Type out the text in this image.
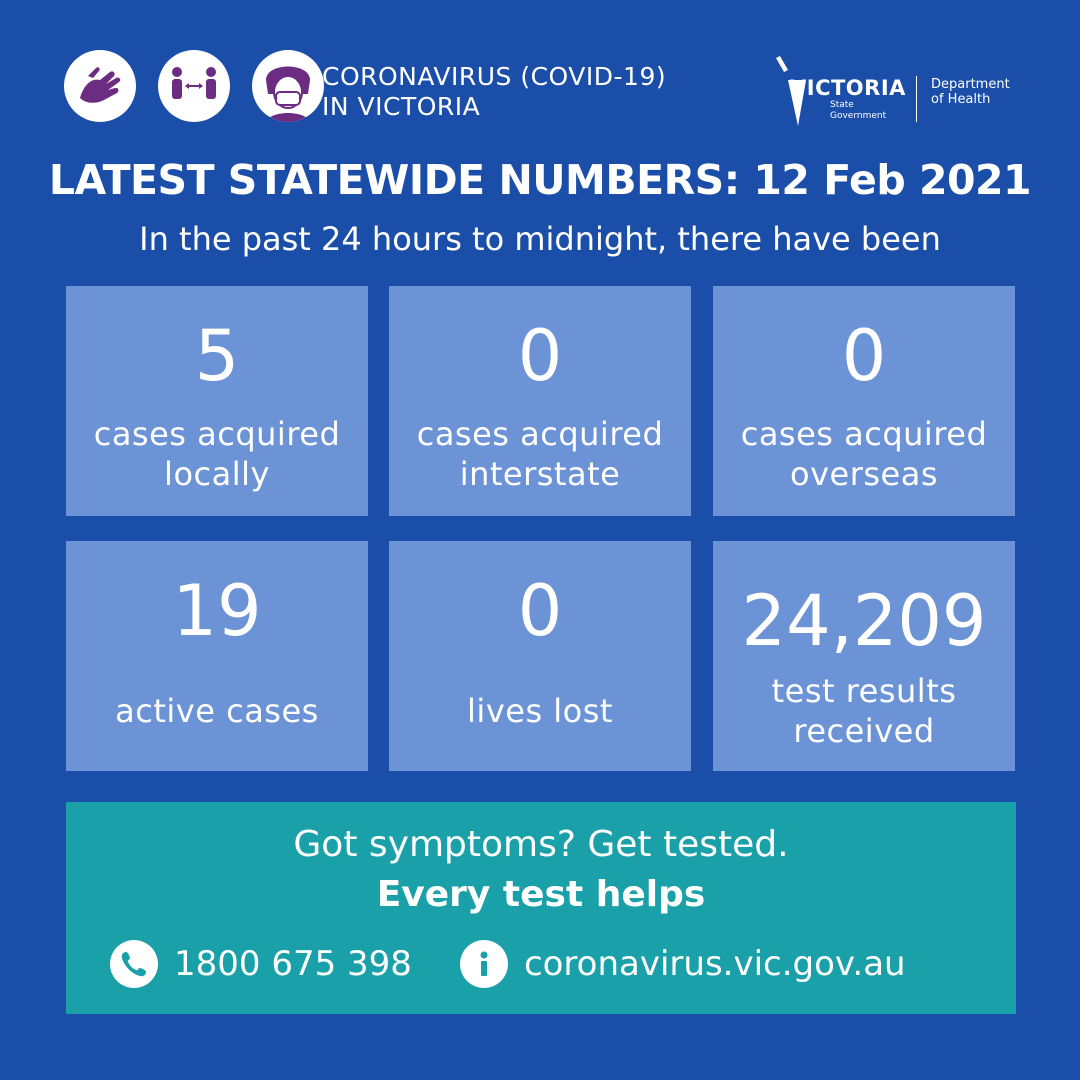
CORONAVIRUS (COVID-19)
IN VICTORIA
VICTORIA
State
Government
Department
of Health
LATEST STATEWIDE NUMBERS: 12 Feb 2021
In the past 24 hours to midnight, there have been
5
cases acquired
locally
0
cases acquired
interstate
0
cases acquired
overseas
19
active cases
0
lives lost
24,209
test results
received
Got symptoms? Get tested.
Every test helps
1800 675 398	coronavirus.vic.gov.au
